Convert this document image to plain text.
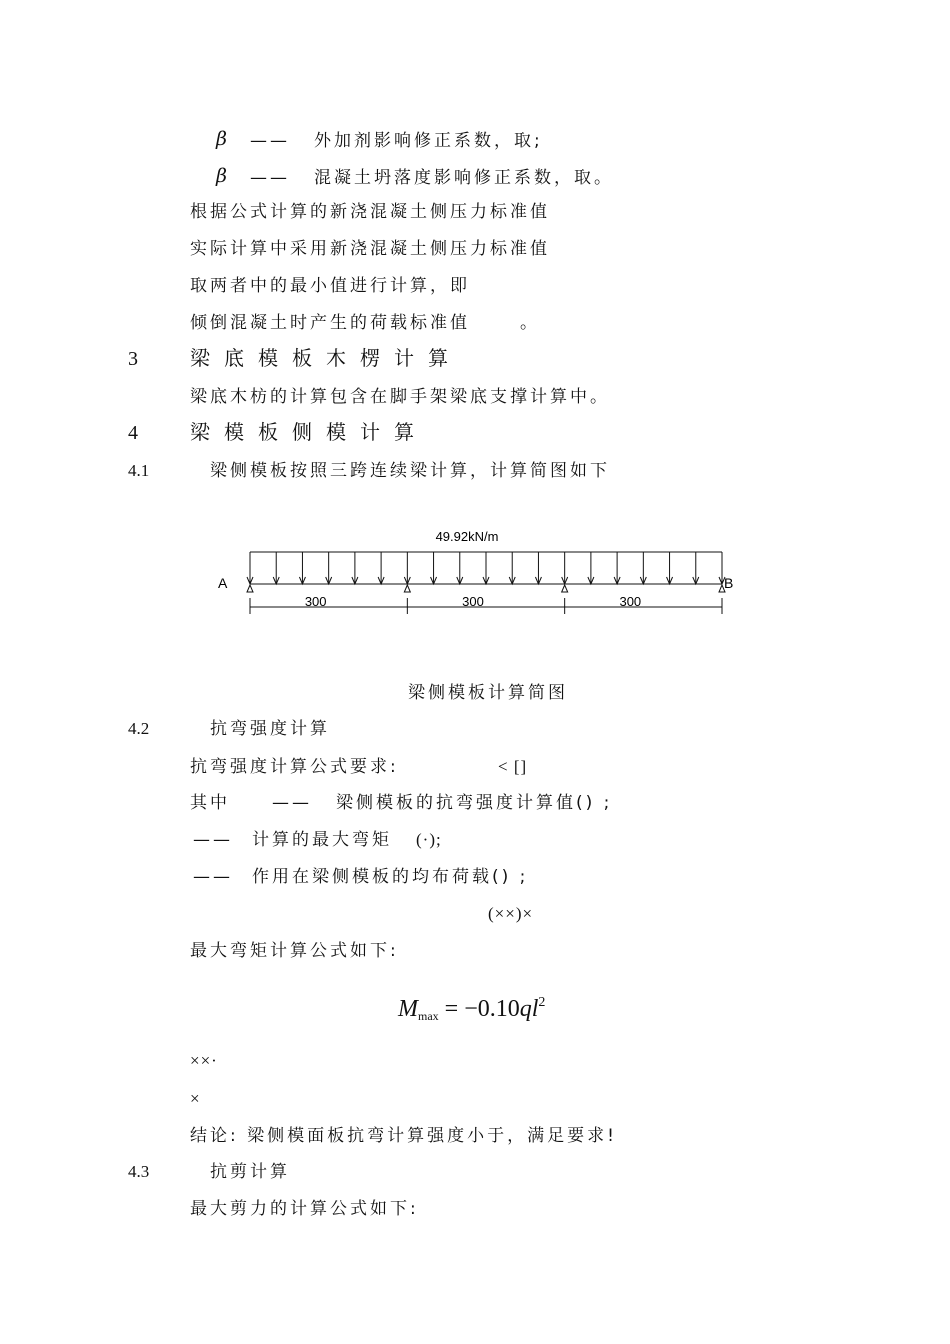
β —— 外加剂影响修正系数，取;
β —— 混凝土坍落度影响修正系数，取。
根据公式计算的新浇混凝土侧压力标准值
实际计算中采用新浇混凝土侧压力标准值
取两者中的最小值进行计算，即
倾倒混凝土时产生的荷载标准值	。
3	梁底模板木楞计算
梁底木枋的计算包含在脚手架梁底支撑计算中。
4	梁模板侧模计算
4.1	梁侧模板按照三跨连续梁计算，计算简图如下
49.92kN/m
A	B
300	300	300
梁侧模板计算简图
4.2	抗弯强度计算
抗弯强度计算公式要求:	< []
其中 —— 梁侧模板的抗弯强度计算值() ;
—— 计算的最大弯矩 (·);
—— 作用在梁侧模板的均布荷载() ;
(××)×
最大弯矩计算公式如下:
$M_{max} = -0.10ql^2$
××·
×
结论: 梁侧模面板抗弯计算强度小于，满足要求!
4.3	抗剪计算
最大剪力的计算公式如下:
